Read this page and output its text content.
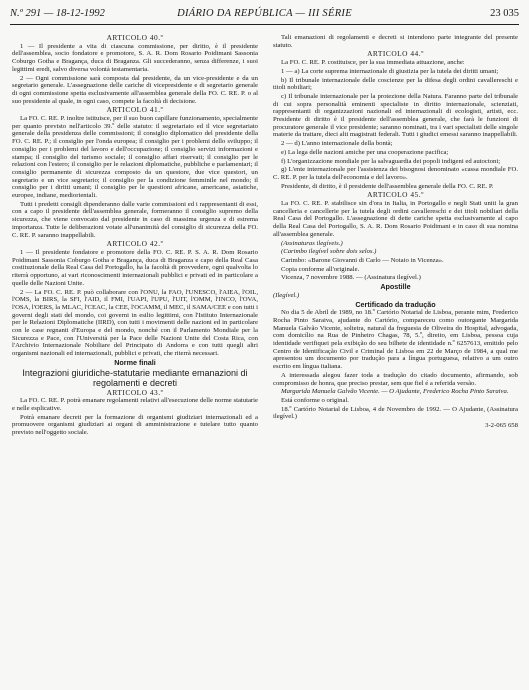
N.º 291 — 18-12-1992	DIÁRIO DA REPÚBLICA — III SÉRIE	23 035

ARTICOLO 40.º

1 — Il presidente a vita di ciascuna commissione, per diritto, è il presidente dell'assemblea, socio fondatore e promotore, S. A. R. Dom Rosario Poidimani Sassonia Coburgo Gotha e Bragança, duca di Braganza. Gli succederanno, senza differenze, i suoi legittimi eredi, salvo diversa volontà testamentaria.

2 — Ogni commissione sarà composta dal presidente, da un vice-presidente e da un segretario generale. L'assegnazione delle cariche di vicepresidente e di segretario generale di ogni commissione spetta esclusivamente all'assemblea generale della FO. C. RE. P. o al suo presidente al quale, in ogni caso, compete la facoltà di decisione.

ARTICOLO 41.º

La FO. C. RE. P. inoltre istituisce, per il suo buon capillare funzionamento, specialmente per quanto previsto nell'articolo 39.º delle statuto: il segretariato ed il vice segretariato generale della presidenza delle commissioni; il consiglio diplomatico del presidente della FO. C. RE. P.; il consiglio per l'onda europea; il consiglio per i problemi dello sviluppo; il consiglio per i problemi del lavoro e dell'occupazione; il consiglio servizi informazioni e stampa; il consiglio del turismo sociale; il consiglio affari riservati; il consiglio per le relazioni con l'estero; il consiglio per le relazioni diplomatiche, pubbliche e parlamentari; il consiglio permanente di sicurezza composto da un questore, due vice questori, un segretario e un vice segretario; il consiglio per la condizione femminile nel mondo; il consiglio per i diritti umani; il consiglio per le questioni africane, americane, asiatiche, europee, indiane, mediorientali.

Tutti i predetti consigli dipenderanno dalle varie commissioni ed i rappresentanti di essi, con a capo il presidente dell'assemblea generale, formeranno il consiglio supremo della sicurezza, che viene convocato dal presidente in caso di massima urgenza e di estrema importanza. Tutte le deliberazioni votate all'unanimità del consiglio di sicurezza della FO. C. RE. P. saranno inappellabili.

ARTICOLO 42.º

1 — Il presidente fondatore e promotore della FO. C. RE. P. S. A. R. Dom Rosario Poidimani Sassonia Coburgo Gotha e Bragança, duca di Braganza e capo della Real Casa costituzionale della Real Casa del Portogallo, ha la facoltà di provvedere, ogni qualvolta lo riterrà opportuno, ai vari riconoscimenti internazionali pubblici e privati ed in particolare a quelle delle Nazioni Unite.

2 — La FO. C. RE. P. può collaborare con l'ONU, la FAO, l'UNESCO, l'AIEA, l'OIL, l'OMS, la BIRS, la SFI, l'AID, il FMI, l'UAPI, l'UPU, l'UIT, l'OMM, l'INCO, l'OVA, l'OSA, l'OERS, la MLAC, l'CEAC, la CEE, l'OCAMM, il MEC, il SAMA/CEE e con tutti i governi degli stati del mondo, coi governi in esilio legittimi, con l'Istituto Internazionale per le Relazioni Diplomatiche (IIRD), con tutti i movimenti delle nazioni ed in particolare con le case regnanti d'Europa e del mondo, nonché con il Parlamento Mondiale per la Sicurezza e Pace, con l'Università per la Pace delle Nazioni Unite del Costa Rica, con l'Archivio Internazionale Nobiliare del Principato di Andorra e con tutti quegli altri organismi nazionali ed internazionali, pubblici e privati, che riterrà necessari.

Norme finali

Integrazioni giuridiche-statutarie mediante emanazioni di regolamenti e decreti

ARTICOLO 43.º

La FO. C. RE. P. potrà emanare regolamenti relativi all'esecuzione delle norme statutarie e nelle esplicative.

Potrà emanare decreti per la formazione di organismi giudiziari internazionali ed a promuovere organismi giudiziari ai organi di amministrazione e tutelare tutto quanto previsto nell'oggetto sociale.

Tali emanazioni di regolamenti e decreti si intendono parte integrante del presente statuto.

ARTICOLO 44.º

La FO. C. RE. P. costituisce, per la sua immediata attuazione, anche:

1 — a) La corte suprema internazionale di giustizia per la tutela dei diritti umani;

b) Il tribunale internazionale delle coscienze per la difesa degli ordini cavallereschi e titoli nobiliari;

c) Il tribunale internazionale per la protezione della Natura. Faranno parte del tribunale di cui sopra personalità eminenti specialiste in diritto internazionale, scienziati, rappresentanti di organizzazioni nazionali ed internazionali di ecologisti, artisti, ecc. Presidente di diritto è il presidente dell'assemblea generale, che farà le funzioni di procuratore generale il vice presidente; saranno nominati, tra i vari specialisti delle singole materie da trattare, dieci alti magistrati federali. Tutti i giudici emessi saranno inappellabili.

2 — d) L'anno internazionale della bontà;

e) La lega delle nazioni amiche per una cooperazione pacifica;

f) L'organizzazione mondiale per la salvaguardia dei popoli indigeni ed autoctoni;

g) L'ente internazionale per l'assistenza dei bisognosi denominato «cassa mondiale FO. C. RE. P. per la tutela dell'economia e del lavoro».

Presidente, di diritto, è il presidente dell'assemblea generale della FO. C. RE. P.

ARTICOLO 45.º

La FO. C. RE. P. stabilisce sin d'ora in Italia, in Portogallo e negli Stati uniti la gran cancelleria e cancellerie per la tutela degli ordini cavallereschi e dei titoli nobiliari della Real Casa del Portogallo. L'assegnazione di dette cariche spetta esclusivamente al capo della Real Casa del Portogallo, S. A. R. Dom Rosario Poidimani e in caso di sua nomina all'assemblea generale.

(Assinaturas ilegíveis.)

(Carimbo ilegível sobre dois selos.)

Carimbo: «Barone Giovanni di Carlo — Notaio in Vicenza».

Copia conforme all'originale.

Vicenza, 7 novembre 1988. — (Assinatura ilegível.)

Apostille

(Ilegível.)

Certificado da tradução

No dia 5 de Abril de 1989, no 18.º Cartório Notarial de Lisboa, perante mim, Frederico Rocha Pinto Saraiva, ajudante do Cartório, compareceu como outorgante Margarida Manuela Galvão Vicente, solteira, natural da freguesia de Oliveira do Hospital, advogada, com domicílio na Rua de Pinheiro Chagas, 78, 5.º, direito, em Lisboa, pessoa cuja identidade verifiquei pela exibição do seu bilhete de identidade n.º 6257613, emitido pelo Centro de Identificação Civil e Criminal de Lisboa em 22 de Março de 1984, a qual me apresentou um documento por tradução para a língua portuguesa, relativo a um outro escrito em língua italiana.

A interessada alegou fazer toda a tradução do citado documento, afirmando, sob compromisso de honra, que preciso prestar, sem que fiel é a referida versão.

Margarida Manuela Galvão Vicente. — O Ajudante, Frederico Rocha Pinto Saraiva.

Está conforme o original.

18.º Cartório Notarial de Lisboa, 4 de Novembro de 1992. — O Ajudante, (Assinatura ilegível.)

3-2-065 658
